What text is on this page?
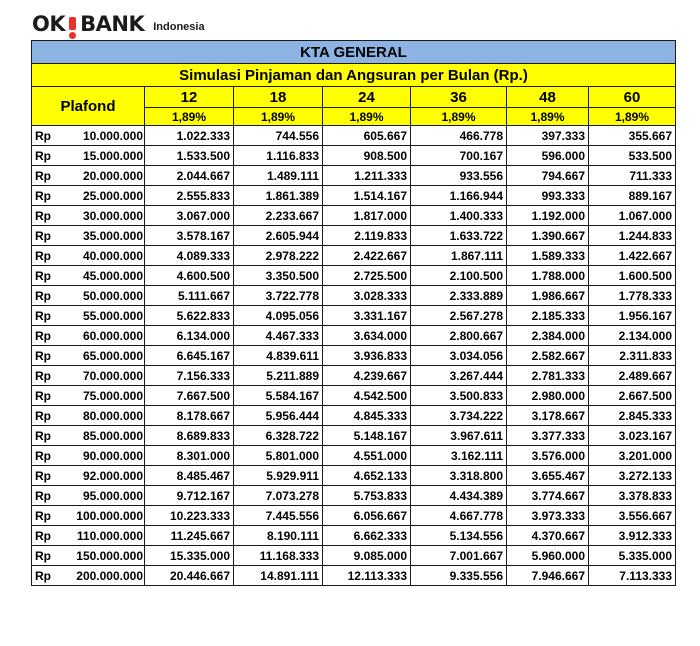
OK BANK Indonesia
KTA GENERAL						
Simulasi Pinjaman dan Angsuran per Bulan (Rp.)						
Plafond	12	18	24	36	48	60
	1,89%	1,89%	1,89%	1,89%	1,89%	1,89%
Rp 10.000.000	1.022.333	744.556	605.667	466.778	397.333	355.667
Rp 15.000.000	1.533.500	1.116.833	908.500	700.167	596.000	533.500
Rp 20.000.000	2.044.667	1.489.111	1.211.333	933.556	794.667	711.333
Rp 25.000.000	2.555.833	1.861.389	1.514.167	1.166.944	993.333	889.167
Rp 30.000.000	3.067.000	2.233.667	1.817.000	1.400.333	1.192.000	1.067.000
Rp 35.000.000	3.578.167	2.605.944	2.119.833	1.633.722	1.390.667	1.244.833
Rp 40.000.000	4.089.333	2.978.222	2.422.667	1.867.111	1.589.333	1.422.667
Rp 45.000.000	4.600.500	3.350.500	2.725.500	2.100.500	1.788.000	1.600.500
Rp 50.000.000	5.111.667	3.722.778	3.028.333	2.333.889	1.986.667	1.778.333
Rp 55.000.000	5.622.833	4.095.056	3.331.167	2.567.278	2.185.333	1.956.167
Rp 60.000.000	6.134.000	4.467.333	3.634.000	2.800.667	2.384.000	2.134.000
Rp 65.000.000	6.645.167	4.839.611	3.936.833	3.034.056	2.582.667	2.311.833
Rp 70.000.000	7.156.333	5.211.889	4.239.667	3.267.444	2.781.333	2.489.667
Rp 75.000.000	7.667.500	5.584.167	4.542.500	3.500.833	2.980.000	2.667.500
Rp 80.000.000	8.178.667	5.956.444	4.845.333	3.734.222	3.178.667	2.845.333
Rp 85.000.000	8.689.833	6.328.722	5.148.167	3.967.611	3.377.333	3.023.167
Rp 90.000.000	8.301.000	5.801.000	4.551.000	3.162.111	3.576.000	3.201.000
Rp 92.000.000	8.485.467	5.929.911	4.652.133	3.318.800	3.655.467	3.272.133
Rp 95.000.000	9.712.167	7.073.278	5.753.833	4.434.389	3.774.667	3.378.833
Rp 100.000.000	10.223.333	7.445.556	6.056.667	4.667.778	3.973.333	3.556.667
Rp 110.000.000	11.245.667	8.190.111	6.662.333	5.134.556	4.370.667	3.912.333
Rp 150.000.000	15.335.000	11.168.333	9.085.000	7.001.667	5.960.000	5.335.000
Rp 200.000.000	20.446.667	14.891.111	12.113.333	9.335.556	7.946.667	7.113.333
